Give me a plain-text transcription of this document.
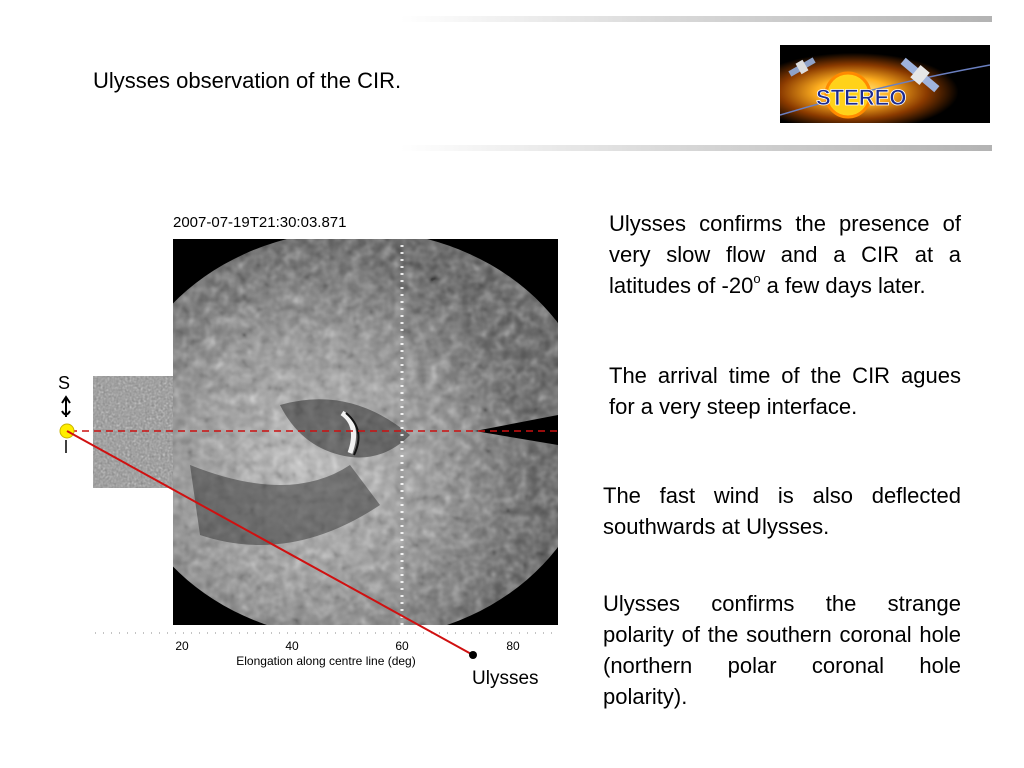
Ulysses observation of the CIR.
STEREO
2007-07-19T21:30:03.871
20	40	60	80
Elongation along centre line (deg)
S
Ulysses
Ulysses confirms the presence of very slow flow and a CIR at a latitudes of -20$^o$ a few days later.
The arrival time of the CIR agues for a very steep interface.
The fast wind is also deflected southwards at Ulysses.
Ulysses confirms the strange polarity of the southern coronal hole (northern polar coronal hole polarity).
